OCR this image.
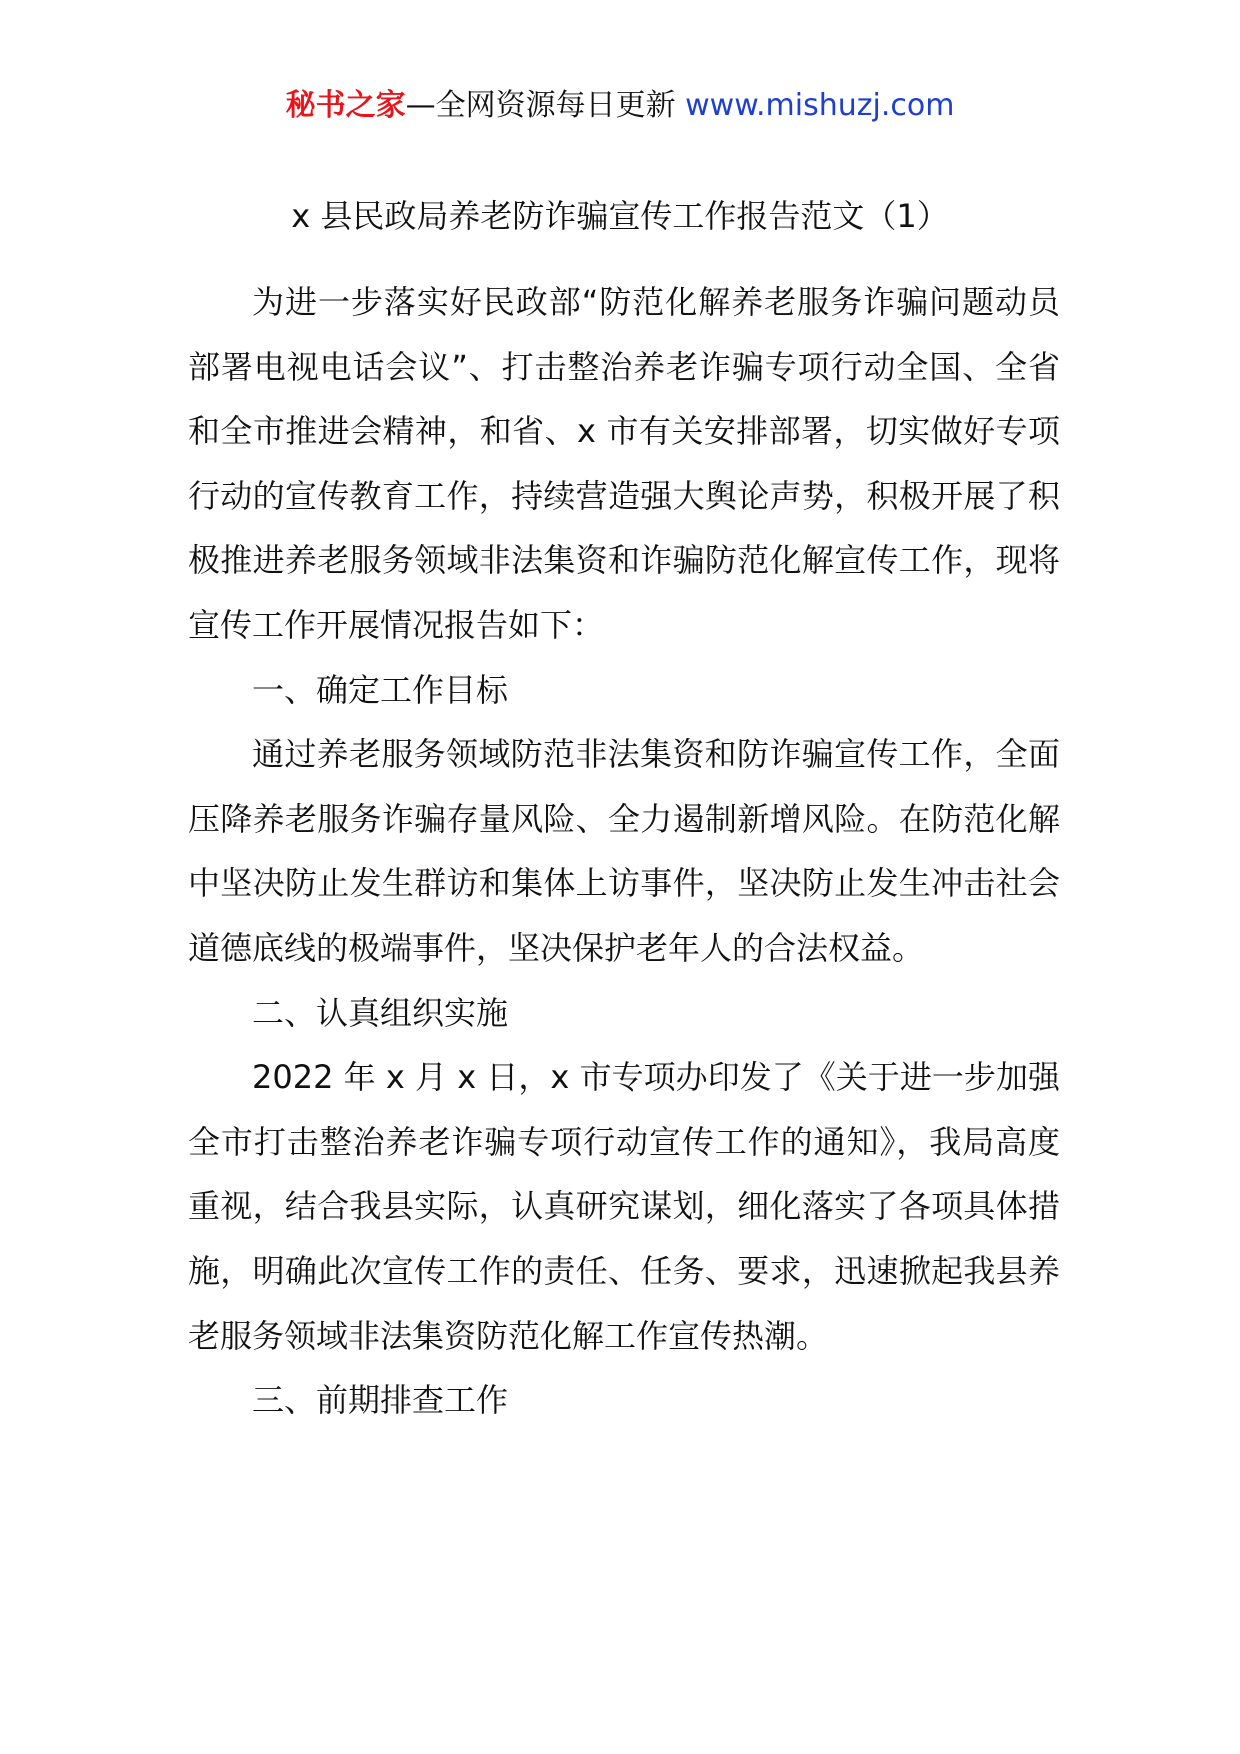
秘书之家—全网资源每日更新 www.mishuzj.com
x 县民政局养老防诈骗宣传工作报告范文（1）

为进一步落实好民政部“防范化解养老服务诈骗问题动员部署电视电话会议”、打击整治养老诈骗专项行动全国、全省和全市推进会精神，和省、x 市有关安排部署，切实做好专项行动的宣传教育工作，持续营造强大舆论声势，积极开展了积极推进养老服务领域非法集资和诈骗防范化解宣传工作，现将宣传工作开展情况报告如下：

一、确定工作目标

通过养老服务领域防范非法集资和防诈骗宣传工作，全面压降养老服务诈骗存量风险、全力遏制新增风险。在防范化解中坚决防止发生群访和集体上访事件，坚决防止发生冲击社会道德底线的极端事件，坚决保护老年人的合法权益。

二、认真组织实施

2022 年 x 月 x 日，x 市专项办印发了《关于进一步加强全市打击整治养老诈骗专项行动宣传工作的通知》，我局高度重视，结合我县实际，认真研究谋划，细化落实了各项具体措施，明确此次宣传工作的责任、任务、要求，迅速掀起我县养老服务领域非法集资防范化解工作宣传热潮。

三、前期排查工作
